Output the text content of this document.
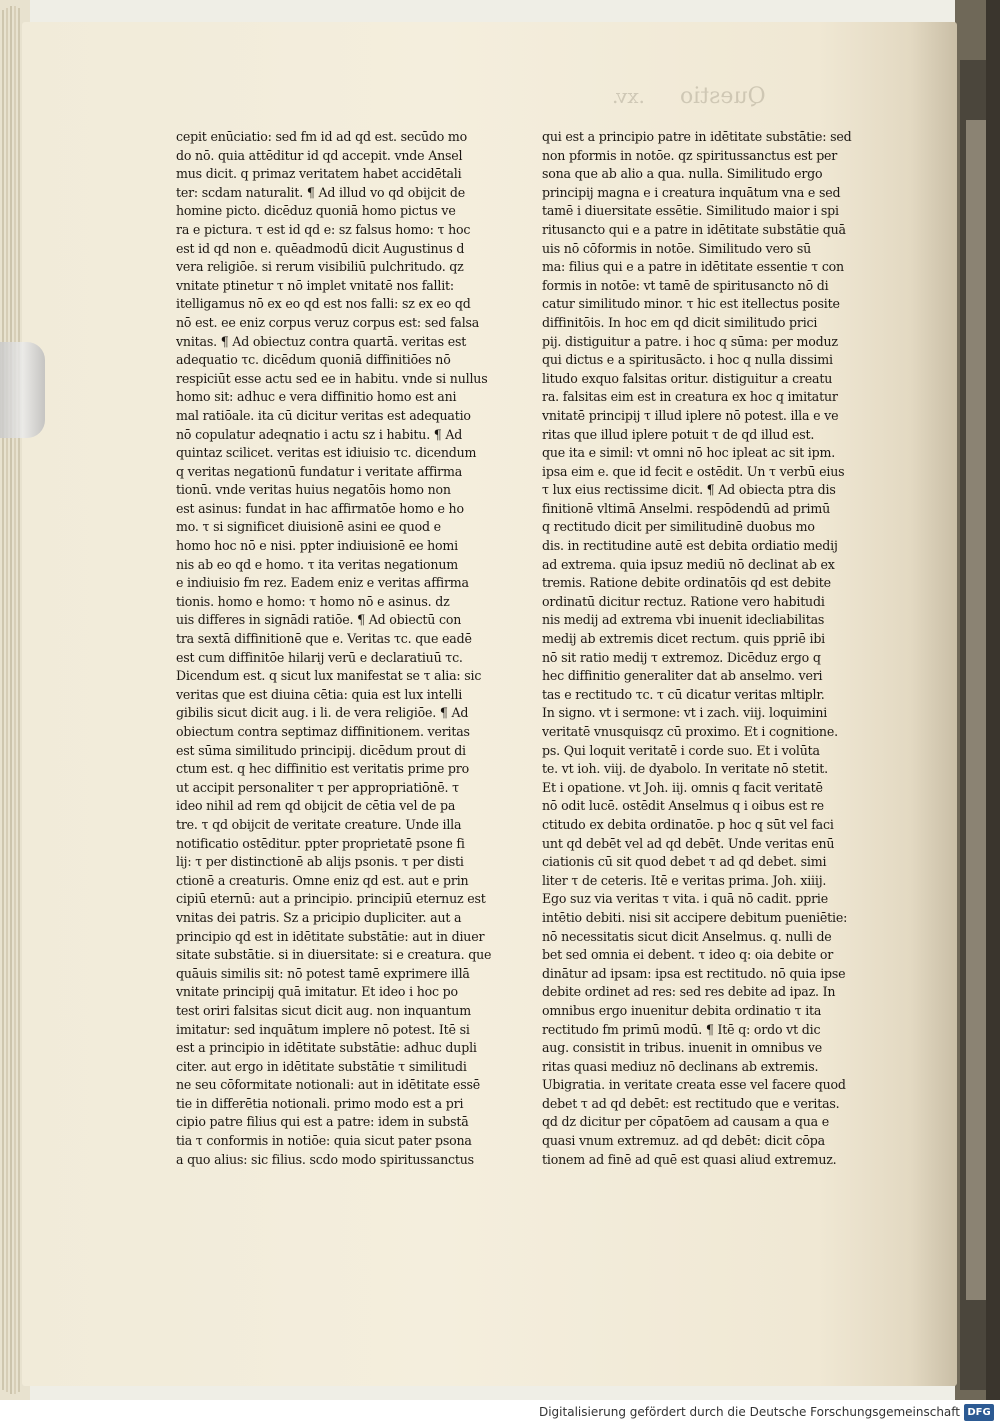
.xv. Questio
cepit enūciatio: sed fm id ad qd est. secūdo mo
do nō. quia attēditur id qd accepit. vnde Ansel
mus dicit. q primaz veritatem habet accidētali
ter: scdam naturalit. ¶ Ad illud vo qd obijcit de
homine picto. dicēduz quoniā homo pictus ve
ra e pictura. τ est id qd e: sz falsus homo: τ hoc
est id qd non e. quēadmodū dicit Augustinus d
vera religiōe. si rerum visibiliū pulchritudo. qz
vnitate ptinetur τ nō implet vnitatē nos fallit:
itelligamus nō ex eo qd est nos falli: sz ex eo qd
nō est. ee eniz corpus veruz corpus est: sed falsa
vnitas. ¶ Ad obiectuz contra quartā. veritas est
adequatio τc. dicēdum quoniā diffinitiōes nō
respiciūt esse actu sed ee in habitu. vnde si nullus
homo sit: adhuc e vera diffinitio homo est ani
mal ratiōale. ita cū dicitur veritas est adequatio
nō copulatur adeqnatio i actu sz i habitu. ¶ Ad
quintaz scilicet. veritas est idiuisio τc. dicendum
q veritas negationū fundatur i veritate affirma
tionū. vnde veritas huius negatōis homo non
est asinus: fundat in hac affirmatōe homo e ho
mo. τ si significet diuisionē asini ee quod e
homo hoc nō e nisi. ppter indiuisionē ee homi
nis ab eo qd e homo. τ ita veritas negationum
e indiuisio fm rez. Eadem eniz e veritas affirma
tionis. homo e homo: τ homo nō e asinus. dz
uis differes in signādi ratiōe. ¶ Ad obiectū con
tra sextā diffinitionē que e. Veritas τc. que eadē
est cum diffinitōe hilarij verū e declaratiuū τc.
Dicendum est. q sicut lux manifestat se τ alia: sic
veritas que est diuina cētia: quia est lux intelli
gibilis sicut dicit aug. i li. de vera religiōe. ¶ Ad
obiectum contra septimaz diffinitionem. veritas
est sūma similitudo principij. dicēdum prout di
ctum est. q hec diffinitio est veritatis prime pro
ut accipit personaliter τ per appropriatiōnē. τ
ideo nihil ad rem qd obijcit de cētia vel de pa
tre. τ qd obijcit de veritate creature. Unde illa
notificatio ostēditur. ppter proprietatē psone fi
lij: τ per distinctionē ab alijs psonis. τ per disti
ctionē a creaturis. Omne eniz qd est. aut e prin
cipiū eternū: aut a principio. principiū eternuz est
vnitas dei patris. Sz a pricipio dupliciter. aut a
principio qd est in idētitate substātie: aut in diuer
sitate substātie. si in diuersitate: si e creatura. que
quāuis similis sit: nō potest tamē exprimere illā
vnitate principij quā imitatur. Et ideo i hoc po
test oriri falsitas sicut dicit aug. non inquantum
imitatur: sed inquātum implere nō potest. Itē si
est a principio in idētitate substātie: adhuc dupli
citer. aut ergo in idētitate substātie τ similitudi
ne seu cōformitate notionali: aut in idētitate essē
tie in differētia notionali. primo modo est a pri
cipio patre filius qui est a patre: idem in substā
tia τ conformis in notiōe: quia sicut pater psona
a quo alius: sic filius. scdo modo spiritussanctus
qui est a principio patre in idētitate substātie: sed
non pformis in notōe. qz spiritussanctus est per
sona que ab alio a qua. nulla. Similitudo ergo
principij magna e i creatura inquātum vna e sed
tamē i diuersitate essētie. Similitudo maior i spi
ritusancto qui e a patre in idētitate substātie quā
uis nō cōformis in notōe. Similitudo vero sū
ma: filius qui e a patre in idētitate essentie τ con
formis in notōe: vt tamē de spiritusancto nō di
catur similitudo minor. τ hic est itellectus posite
diffinitōis. In hoc em qd dicit similitudo prici
pij. distiguitur a patre. i hoc q sūma: per moduz
qui dictus e a spiritusācto. i hoc q nulla dissimi
litudo exquo falsitas oritur. distiguitur a creatu
ra. falsitas eim est in creatura ex hoc q imitatur
vnitatē principij τ illud iplere nō potest. illa e ve
ritas que illud iplere potuit τ de qd illud est.
que ita e simil: vt omni nō hoc ipleat ac sit ipm.
ipsa eim e. que id fecit e ostēdit. Un τ verbū eius
τ lux eius rectissime dicit. ¶ Ad obiecta ptra dis
finitionē vltimā Anselmi. respōdendū ad primū
q rectitudo dicit per similitudinē duobus mo
dis. in rectitudine autē est debita ordiatio medij
ad extrema. quia ipsuz mediū nō declinat ab ex
tremis. Ratione debite ordinatōis qd est debite
ordinatū dicitur rectuz. Ratione vero habitudi
nis medij ad extrema vbi inuenit idecliabilitas
medij ab extremis dicet rectum. quis ppriē ibi
nō sit ratio medij τ extremoz. Dicēduz ergo q
hec diffinitio generaliter dat ab anselmo. veri
tas e rectitudo τc. τ cū dicatur veritas mltiplr.
In signo. vt i sermone: vt i zach. viij. loquimini
veritatē vnusquisqz cū proximo. Et i cognitione.
ps. Qui loquit veritatē i corde suo. Et i volūta
te. vt ioh. viij. de dyabolo. In veritate nō stetit.
Et i opatione. vt Joh. iij. omnis q facit veritatē
nō odit lucē. ostēdit Anselmus q i oibus est re
ctitudo ex debita ordinatōe. p hoc q sūt vel faci
unt qd debēt vel ad qd debēt. Unde veritas enū
ciationis cū sit quod debet τ ad qd debet. simi
liter τ de ceteris. Itē e veritas prima. Joh. xiiij.
Ego suz via veritas τ vita. i quā nō cadit. pprie
intētio debiti. nisi sit accipere debitum pueniētie:
nō necessitatis sicut dicit Anselmus. q. nulli de
bet sed omnia ei debent. τ ideo q: oia debite or
dinātur ad ipsam: ipsa est rectitudo. nō quia ipse
debite ordinet ad res: sed res debite ad ipaz. In
omnibus ergo inuenitur debita ordinatio τ ita
rectitudo fm primū modū. ¶ Itē q: ordo vt dic
aug. consistit in tribus. inuenit in omnibus ve
ritas quasi mediuz nō declinans ab extremis.
Ubigratia. in veritate creata esse vel facere quod
debet τ ad qd debēt: est rectitudo que e veritas.
qd dz dicitur per cōpatōem ad causam a qua e
quasi vnum extremuz. ad qd debēt: dicit cōpa
tionem ad finē ad quē est quasi aliud extremuz.
Digitalisierung gefördert durch die Deutsche Forschungsgemeinschaft DFG
